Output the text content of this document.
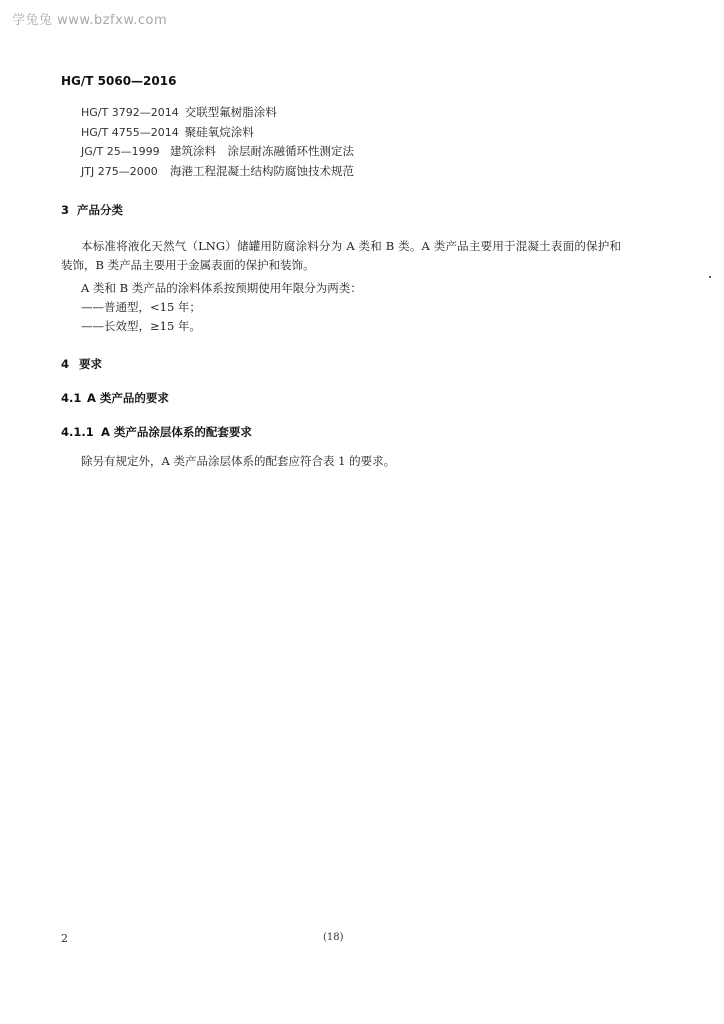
学兔兔 www.bzfxw.com
HG/T 5060—2016
HG/T 3792—2014 交联型氟树脂涂料
HG/T 4755—2014 聚硅氧烷涂料
JG/T 25—1999 建筑涂料　涂层耐冻融循环性测定法
JTJ 275—2000 海港工程混凝土结构防腐蚀技术规范
3 产品分类

本标准将液化天然气（LNG）储罐用防腐涂料分为 A 类和 B 类。A 类产品主要用于混凝土表面的保护和装饰，B 类产品主要用于金属表面的保护和装饰。

A 类和 B 类产品的涂料体系按预期使用年限分为两类：
——普通型，<15 年；
——长效型，≥15 年。
4 要求
4.1 A 类产品的要求
4.1.1 A 类产品涂层体系的配套要求
除另有规定外，A 类产品涂层体系的配套应符合表 1 的要求。
2	(18)
